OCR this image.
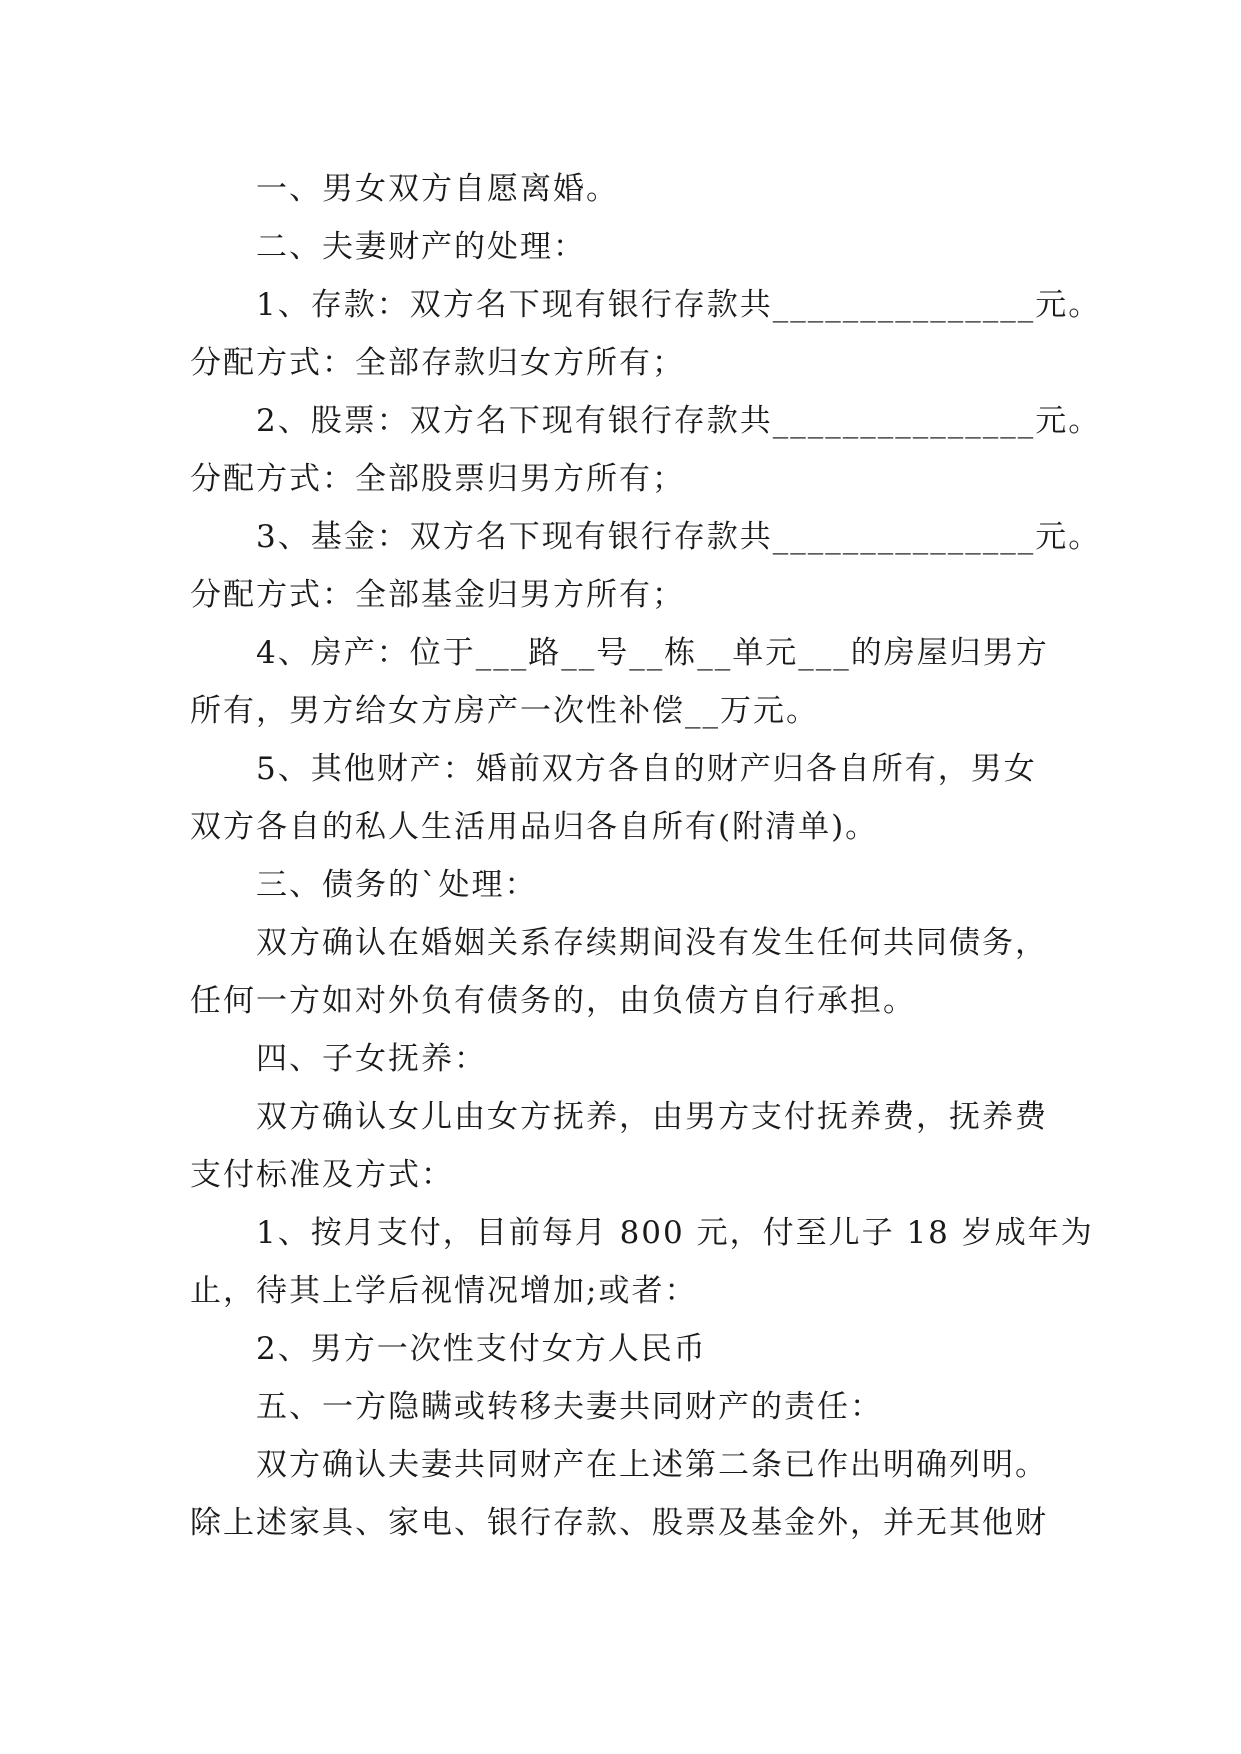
一、男女双方自愿离婚。
二、夫妻财产的处理：
1、存款：双方名下现有银行存款共_______________元。
分配方式：全部存款归女方所有；
2、股票：双方名下现有银行存款共_______________元。
分配方式：全部股票归男方所有；
3、基金：双方名下现有银行存款共_______________元。
分配方式：全部基金归男方所有；
4、房产：位于___路__号__栋__单元___的房屋归男方
所有，男方给女方房产一次性补偿__万元。
5、其他财产：婚前双方各自的财产归各自所有，男女
双方各自的私人生活用品归各自所有(附清单)。
三、债务的`处理：
双方确认在婚姻关系存续期间没有发生任何共同债务，
任何一方如对外负有债务的，由负债方自行承担。
四、子女抚养：
双方确认女儿由女方抚养，由男方支付抚养费，抚养费
支付标准及方式：
1、按月支付，目前每月 800 元，付至儿子 18 岁成年为
止，待其上学后视情况增加;或者：
2、男方一次性支付女方人民币
五、一方隐瞒或转移夫妻共同财产的责任：
双方确认夫妻共同财产在上述第二条已作出明确列明。
除上述家具、家电、银行存款、股票及基金外，并无其他财
